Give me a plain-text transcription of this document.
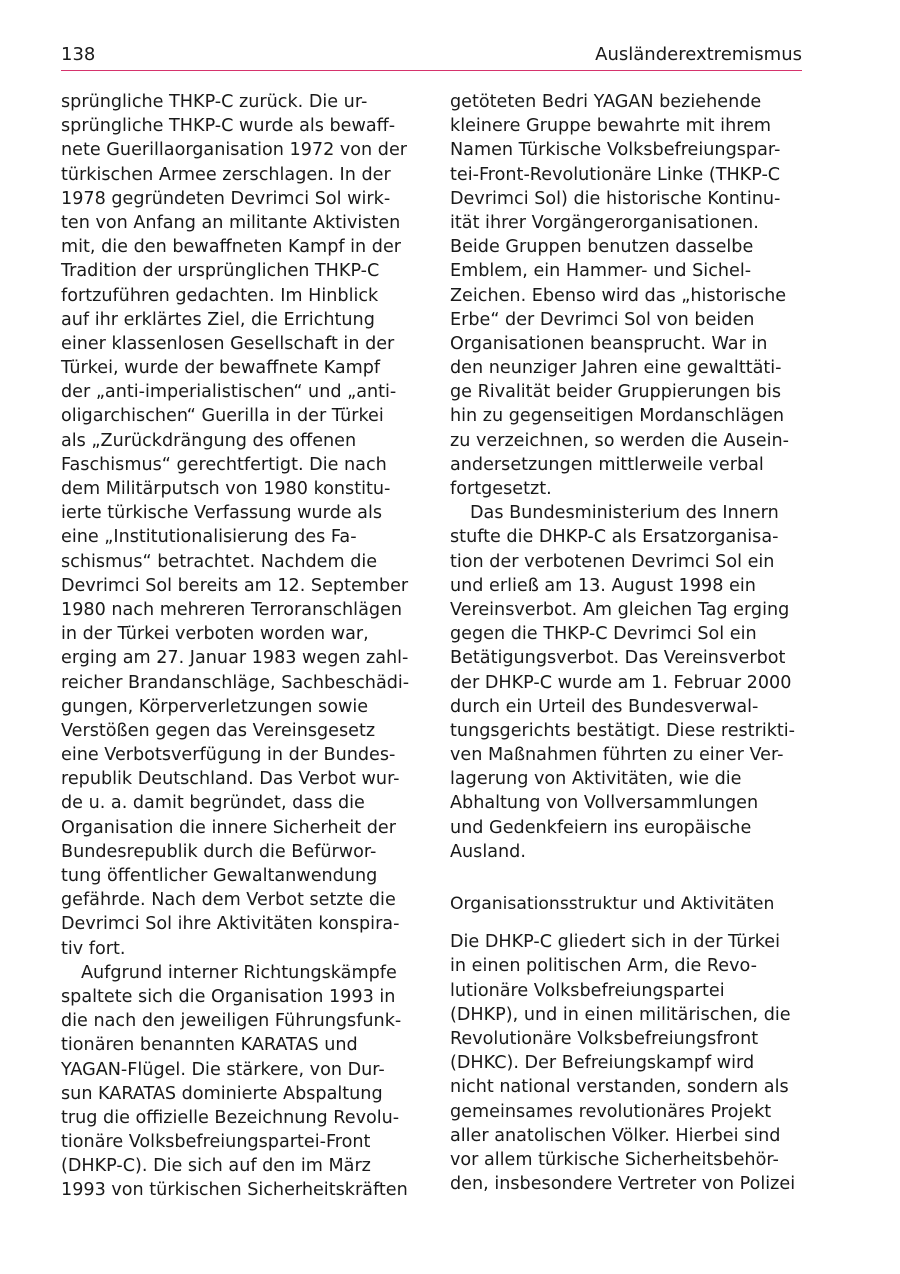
138	Ausländerextremismus
sprüngliche THKP-C zurück. Die ur-
sprüngliche THKP-C wurde als bewaff-
nete Guerillaorganisation 1972 von der
türkischen Armee zerschlagen. In der
1978 gegründeten Devrimci Sol wirk-
ten von Anfang an militante Aktivisten
mit, die den bewaffneten Kampf in der
Tradition der ursprünglichen THKP-C
fortzuführen gedachten. Im Hinblick
auf ihr erklärtes Ziel, die Errichtung
einer klassenlosen Gesellschaft in der
Türkei, wurde der bewaffnete Kampf
der „anti-imperialistischen“ und „anti-
oligarchischen“ Guerilla in der Türkei
als „Zurückdrängung des offenen
Faschismus“ gerechtfertigt. Die nach
dem Militärputsch von 1980 konstitu-
ierte türkische Verfassung wurde als
eine „Institutionalisierung des Fa-
schismus“ betrachtet. Nachdem die
Devrimci Sol bereits am 12. September
1980 nach mehreren Terroranschlägen
in der Türkei verboten worden war,
erging am 27. Januar 1983 wegen zahl-
reicher Brandanschläge, Sachbeschädi-
gungen, Körperverletzungen sowie
Verstößen gegen das Vereinsgesetz
eine Verbotsverfügung in der Bundes-
republik Deutschland. Das Verbot wur-
de u. a. damit begründet, dass die
Organisation die innere Sicherheit der
Bundesrepublik durch die Befürwor-
tung öffentlicher Gewaltanwendung
gefährde. Nach dem Verbot setzte die
Devrimci Sol ihre Aktivitäten konspira-
tiv fort.
Aufgrund interner Richtungskämpfe
spaltete sich die Organisation 1993 in
die nach den jeweiligen Führungsfunk-
tionären benannten KARATAS und
YAGAN-Flügel. Die stärkere, von Dur-
sun KARATAS dominierte Abspaltung
trug die offizielle Bezeichnung Revolu-
tionäre Volksbefreiungspartei-Front
(DHKP-C). Die sich auf den im März
1993 von türkischen Sicherheitskräften
getöteten Bedri YAGAN beziehende
kleinere Gruppe bewahrte mit ihrem
Namen Türkische Volksbefreiungspar-
tei-Front-Revolutionäre Linke (THKP-C
Devrimci Sol) die historische Kontinu-
ität ihrer Vorgängerorganisationen.
Beide Gruppen benutzen dasselbe
Emblem, ein Hammer- und Sichel-
Zeichen. Ebenso wird das „historische
Erbe“ der Devrimci Sol von beiden
Organisationen beansprucht. War in
den neunziger Jahren eine gewalttäti-
ge Rivalität beider Gruppierungen bis
hin zu gegenseitigen Mordanschlägen
zu verzeichnen, so werden die Ausein-
andersetzungen mittlerweile verbal
fortgesetzt.
Das Bundesministerium des Innern
stufte die DHKP-C als Ersatzorganisa-
tion der verbotenen Devrimci Sol ein
und erließ am 13. August 1998 ein
Vereinsverbot. Am gleichen Tag erging
gegen die THKP-C Devrimci Sol ein
Betätigungsverbot. Das Vereinsverbot
der DHKP-C wurde am 1. Februar 2000
durch ein Urteil des Bundesverwal-
tungsgerichts bestätigt. Diese restrikti-
ven Maßnahmen führten zu einer Ver-
lagerung von Aktivitäten, wie die
Abhaltung von Vollversammlungen
und Gedenkfeiern ins europäische
Ausland.
Organisationsstruktur und Aktivitäten
Die DHKP-C gliedert sich in der Türkei
in einen politischen Arm, die Revo-
lutionäre Volksbefreiungspartei
(DHKP), und in einen militärischen, die
Revolutionäre Volksbefreiungsfront
(DHKC). Der Befreiungskampf wird
nicht national verstanden, sondern als
gemeinsames revolutionäres Projekt
aller anatolischen Völker. Hierbei sind
vor allem türkische Sicherheitsbehör-
den, insbesondere Vertreter von Polizei
